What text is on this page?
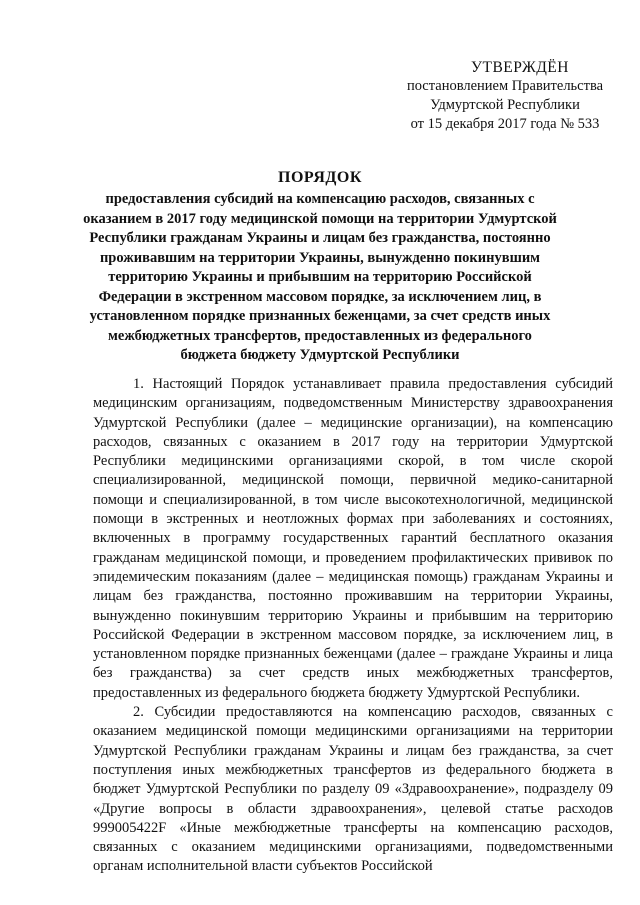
УТВЕРЖДЁН
постановлением Правительства
Удмуртской Республики
от 15 декабря 2017 года № 533
ПОРЯДОК
предоставления субсидий на компенсацию расходов, связанных с оказанием в 2017 году медицинской помощи на территории Удмуртской Республики гражданам Украины и лицам без гражданства, постоянно проживавшим на территории Украины, вынужденно покинувшим территорию Украины и прибывшим на территорию Российской Федерации в экстренном массовом порядке, за исключением лиц, в установленном порядке признанных беженцами, за счет средств иных межбюджетных трансфертов, предоставленных из федерального бюджета бюджету Удмуртской Республики

1. Настоящий Порядок устанавливает правила предоставления субсидий медицинским организациям, подведомственным Министерству здравоохранения Удмуртской Республики (далее – медицинские организации), на компенсацию расходов, связанных с оказанием в 2017 году на территории Удмуртской Республики медицинскими организациями скорой, в том числе скорой специализированной, медицинской помощи, первичной медико-санитарной помощи и специализированной, в том числе высокотехнологичной, медицинской помощи в экстренных и неотложных формах при заболеваниях и состояниях, включенных в программу государственных гарантий бесплатного оказания гражданам медицинской помощи, и проведением профилактических прививок по эпидемическим показаниям (далее – медицинская помощь) гражданам Украины и лицам без гражданства, постоянно проживавшим на территории Украины, вынужденно покинувшим территорию Украины и прибывшим на территорию Российской Федерации в экстренном массовом порядке, за исключением лиц, в установленном порядке признанных беженцами (далее – граждане Украины и лица без гражданства) за счет средств иных межбюджетных трансфертов, предоставленных из федерального бюджета бюджету Удмуртской Республики.

2. Субсидии предоставляются на компенсацию расходов, связанных с оказанием медицинской помощи медицинскими организациями на территории Удмуртской Республики гражданам Украины и лицам без гражданства, за счет поступления иных межбюджетных трансфертов из федерального бюджета в бюджет Удмуртской Республики по разделу 09 «Здравоохранение», подразделу 09 «Другие вопросы в области здравоохранения», целевой статье расходов 999005422F «Иные межбюджетные трансферты на компенсацию расходов, связанных с оказанием медицинскими организациями, подведомственными органам исполнительной власти субъектов Российской
